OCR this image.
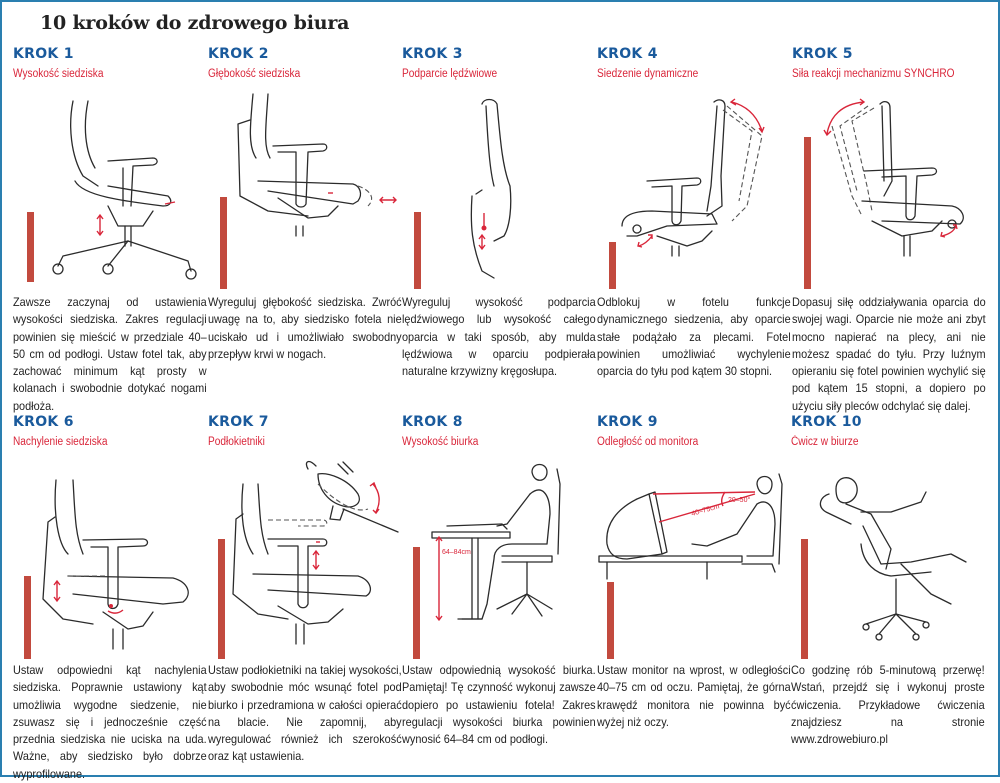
10 kroków do zdrowego biura
KROK 1
Wysokość siedziska

Zawsze zaczynaj od ustawienia wysokości siedziska. Zakres regulacji powinien się mieścić w przedziale 40–50 cm od podłogi. Ustaw fotel tak, aby zachować minimum kąt prosty w kolanach i swobodnie dotykać nogami podłoża.

KROK 2
Głębokość siedziska

Wyreguluj głębokość siedziska. Zwróć uwagę na to, aby siedzisko fotela nie uciskało ud i umożliwiało swobodny przepływ krwi w nogach.

KROK 3
Podparcie lędźwiowe

Wyreguluj wysokość podparcia lędźwiowego lub wysokość całego oparcia w taki sposób, aby mulda lędźwiowa w oparciu podpierała naturalne krzywizny kręgosłupa.

KROK 4
Siedzenie dynamiczne

Odblokuj w fotelu funkcje dynamicznego siedzenia, aby oparcie stałe podążało za plecami. Fotel powinien umożliwiać wychylenie oparcia do tyłu pod kątem 30 stopni.

KROK 5
Siła reakcji mechanizmu SYNCHRO

Dopasuj siłę oddziaływania oparcia do swojej wagi. Oparcie nie może ani zbyt mocno napierać na plecy, ani nie możesz spadać do tyłu. Przy luźnym opieraniu się fotel powinien wychylić się pod kątem 15 stopni, a dopiero po użyciu siły pleców odchylać się dalej.

KROK 6
Nachylenie siedziska

Ustaw odpowiedni kąt nachylenia siedziska. Poprawnie ustawiony kąt umożliwia wygodne siedzenie, nie zsuwasz się i jednocześnie część przednia siedziska nie uciska na uda. Ważne, aby siedzisko było dobrze wyprofilowane.

KROK 7
Podłokietniki

Ustaw podłokietniki na takiej wysokości, aby swobodnie móc wsunąć fotel pod biurko i przedramiona w całości opierać na blacie. Nie zapomnij, aby wyregulować również ich szerokość oraz kąt ustawienia.

KROK 8
Wysokość biurka
64–84cm

Ustaw odpowiednią wysokość biurka. Pamiętaj! Tę czynność wykonuj zawsze dopiero po ustawieniu fotela! Zakres regulacji wysokości biurka powinien wynosić 64–84 cm od podłogi.

KROK 9
Odległość od monitora
20–50°
40–75cm

Ustaw monitor na wprost, w odległości 40–75 cm od oczu. Pamiętaj, że górna krawędź monitora nie powinna być wyżej niż oczy.

KROK 10
Ćwicz w biurze

Co godzinę rób 5-minutową przerwę! Wstań, przejdź się i wykonuj proste ćwiczenia. Przykładowe ćwiczenia znajdziesz na stronie www.zdrowebiuro.pl
